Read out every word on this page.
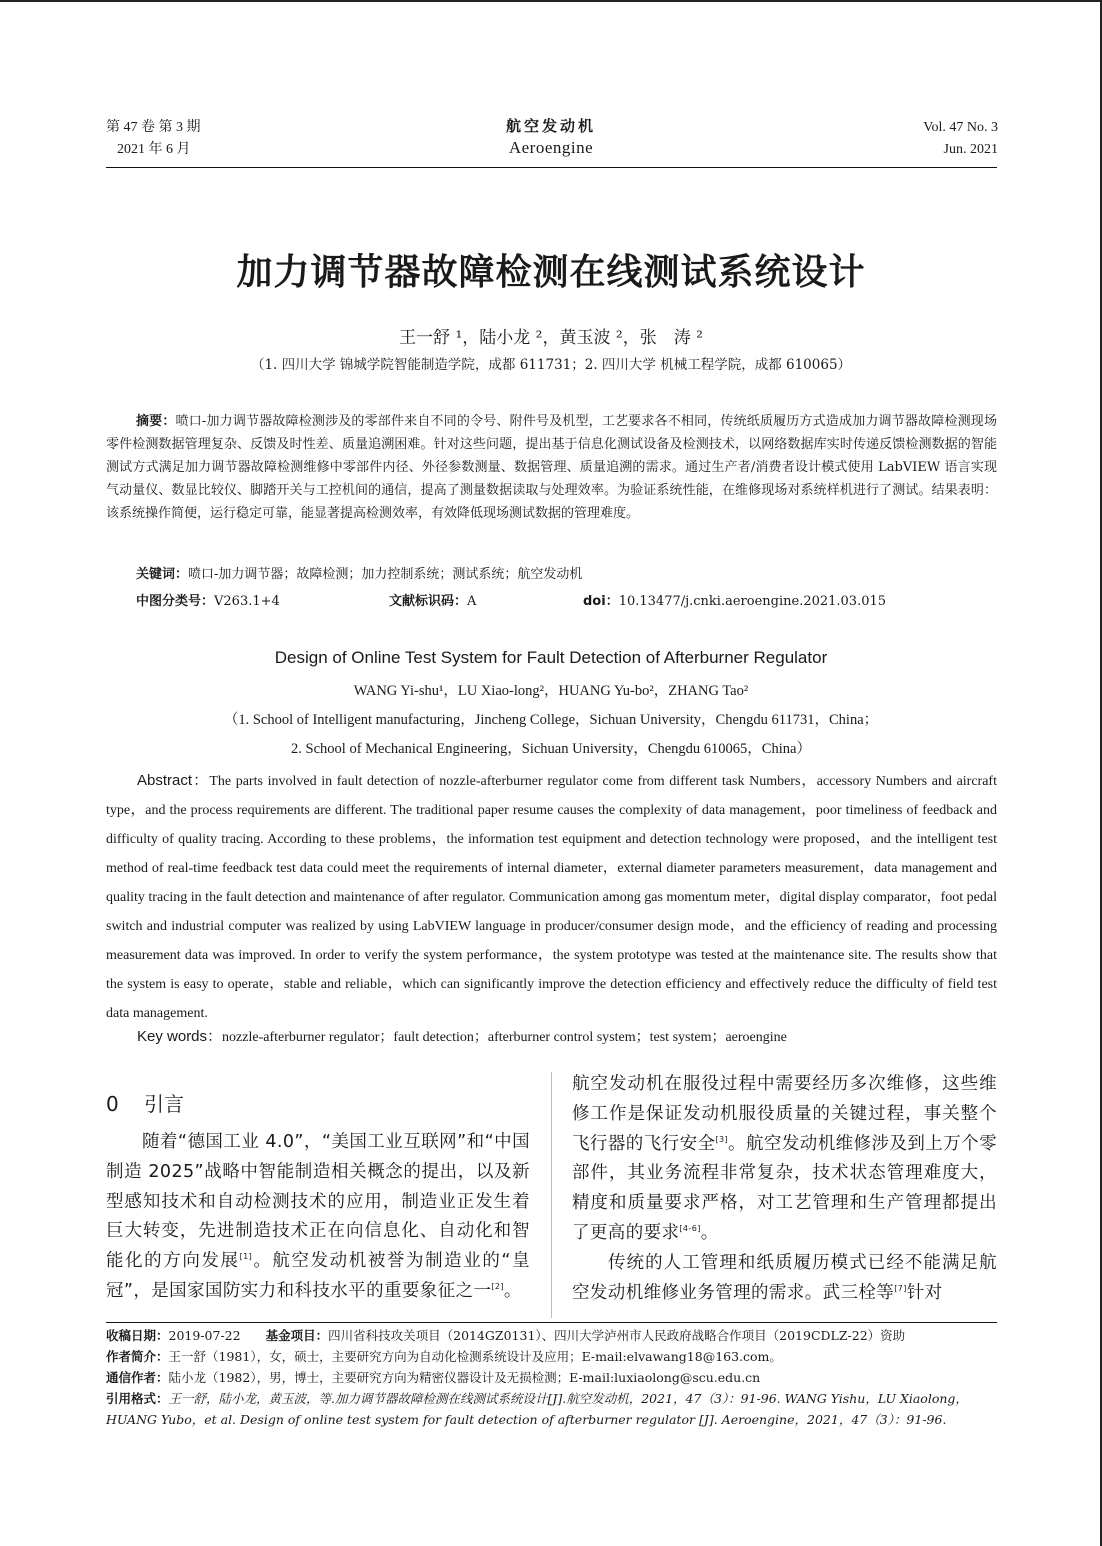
第 47 卷 第 3 期
2021 年 6 月
航空发动机
Aeroengine
Vol. 47 No. 3
Jun. 2021
加力调节器故障检测在线测试系统设计
王一舒 ¹，陆小龙 ²，黄玉波 ²，张　涛 ²
（1. 四川大学 锦城学院智能制造学院，成都 611731；2. 四川大学 机械工程学院，成都 610065）
摘要：喷口-加力调节器故障检测涉及的零部件来自不同的令号、附件号及机型，工艺要求各不相同，传统纸质履历方式造成加力调节器故障检测现场零件检测数据管理复杂、反馈及时性差、质量追溯困难。针对这些问题，提出基于信息化测试设备及检测技术，以网络数据库实时传递反馈检测数据的智能测试方式满足加力调节器故障检测维修中零部件内径、外径参数测量、数据管理、质量追溯的需求。通过生产者/消费者设计模式使用 LabVIEW 语言实现气动量仪、数显比较仪、脚踏开关与工控机间的通信，提高了测量数据读取与处理效率。为验证系统性能，在维修现场对系统样机进行了测试。结果表明：该系统操作简便，运行稳定可靠，能显著提高检测效率，有效降低现场测试数据的管理难度。
关键词：喷口-加力调节器；故障检测；加力控制系统；测试系统；航空发动机
中图分类号：V263.1+4	文献标识码：A	doi：10.13477/j.cnki.aeroengine.2021.03.015
Design of Online Test System for Fault Detection of Afterburner Regulator
WANG Yi-shu¹，LU Xiao-long²，HUANG Yu-bo²，ZHANG Tao²
（1. School of Intelligent manufacturing，Jincheng College，Sichuan University，Chengdu 611731，China；
2. School of Mechanical Engineering，Sichuan University，Chengdu 610065，China）
Abstract：The parts involved in fault detection of nozzle-afterburner regulator come from different task Numbers，accessory Numbers and aircraft type，and the process requirements are different. The traditional paper resume causes the complexity of data management，poor timeliness of feedback and difficulty of quality tracing. According to these problems，the information test equipment and detection technology were proposed，and the intelligent test method of real-time feedback test data could meet the requirements of internal diameter，external diameter parameters measurement，data management and quality tracing in the fault detection and maintenance of after regulator. Communication among gas momentum meter，digital display comparator，foot pedal switch and industrial computer was realized by using LabVIEW language in producer/consumer design mode，and the efficiency of reading and processing measurement data was improved. In order to verify the system performance，the system prototype was tested at the maintenance site. The results show that the system is easy to operate，stable and reliable，which can significantly improve the detection efficiency and effectively reduce the difficulty of field test data management.
Key words：nozzle-afterburner regulator；fault detection；afterburner control system；test system；aeroengine
0 引言

随着“德国工业 4.0”，“美国工业互联网”和“中国制造 2025”战略中智能制造相关概念的提出，以及新型感知技术和自动检测技术的应用，制造业正发生着巨大转变，先进制造技术正在向信息化、自动化和智能化的方向发展[1]。航空发动机被誉为制造业的“皇冠”，是国家国防实力和科技水平的重要象征之一[2]。

航空发动机在服役过程中需要经历多次维修，这些维修工作是保证发动机服役质量的关键过程，事关整个飞行器的飞行安全[3]。航空发动机维修涉及到上万个零部件，其业务流程非常复杂，技术状态管理难度大，精度和质量要求严格，对工艺管理和生产管理都提出了更高的要求[4-6]。

传统的人工管理和纸质履历模式已经不能满足航空发动机维修业务管理的需求。武三栓等[7]针对

收稿日期：2019-07-22   基金项目：四川省科技攻关项目（2014GZ0131）、四川大学泸州市人民政府战略合作项目（2019CDLZ-22）资助
作者简介：王一舒（1981），女，硕士，主要研究方向为自动化检测系统设计及应用；E-mail:elvawang18@163.com。
通信作者：陆小龙（1982），男，博士，主要研究方向为精密仪器设计及无损检测；E-mail:luxiaolong@scu.edu.cn
引用格式：王一舒，陆小龙，黄玉波，等.加力调节器故障检测在线测试系统设计[J].航空发动机，2021，47（3）：91-96. WANG Yishu，LU Xiaolong，HUANG Yubo，et al. Design of online test system for fault detection of afterburner regulator [J]. Aeroengine，2021，47（3）：91-96.
